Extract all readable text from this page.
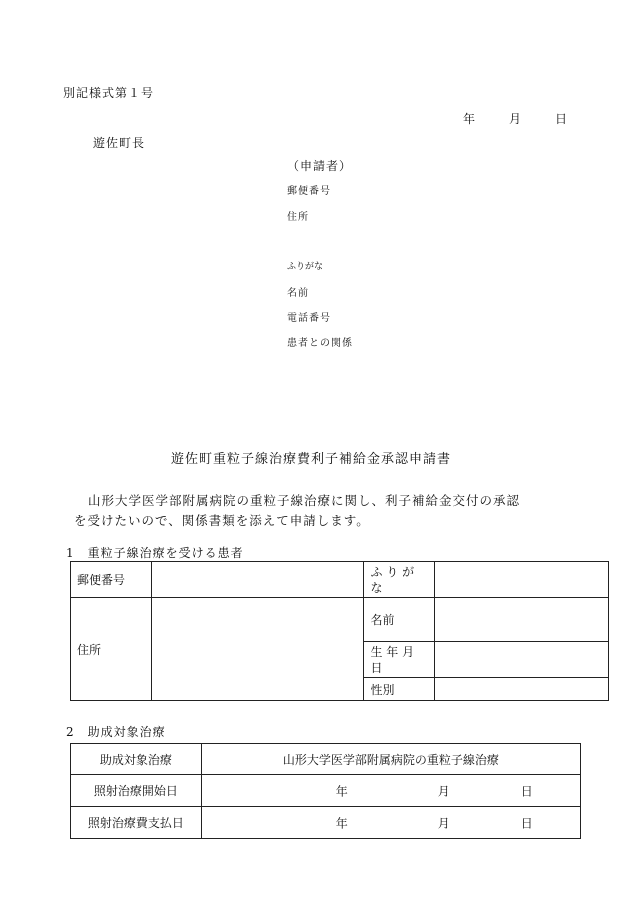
別記様式第１号
年	月	日
遊佐町長
（申請者）
郵便番号
住所
ふりがな
名前
電話番号
患者との関係
遊佐町重粒子線治療費利子補給金承認申請書
山形大学医学部附属病院の重粒子線治療に関し、利子補給金交付の承認
を受けたいので、関係書類を添えて申請します。
1　重粒子線治療を受ける患者
郵便番号		ふ り が
な	
住所		名前	
		生 年 月
日	
		性別	
2　助成対象治療
助成対象治療	山形大学医学部附属病院の重粒子線治療
照射治療開始日	年 月 日

照射治療費支払日	年 月 日
